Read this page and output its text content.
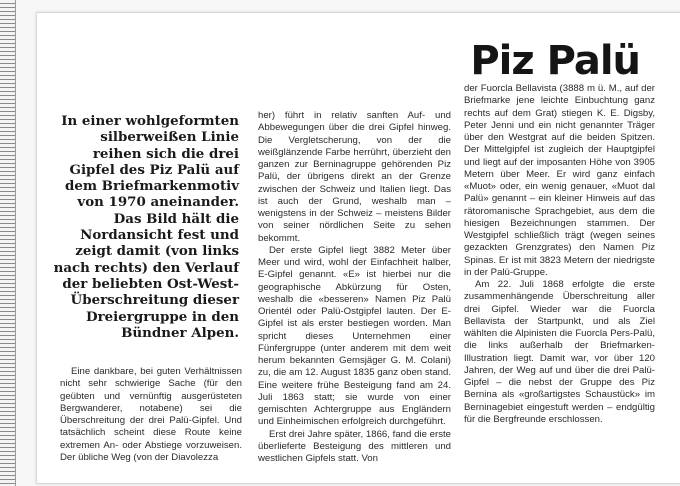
Piz Palü
In einer wohlgeformten silberweißen Linie reihen sich die drei Gipfel des Piz Palü auf dem Briefmarkenmotiv von 1970 aneinander. Das Bild hält die Nordansicht fest und zeigt damit (von links nach rechts) den Verlauf der beliebten Ost-West-Überschreitung dieser Dreiergruppe in den Bündner Alpen.

Eine dankbare, bei guten Verhältnissen nicht sehr schwierige Sache (für den geübten und vernünftig ausgerüsteten Bergwanderer, notabene) sei die Überschreitung der drei Palü-Gipfel. Und tatsächlich scheint diese Route keine extremen An- oder Abstiege vorzuweisen. Der übliche Weg (von der Diavolezza

her) führt in relativ sanften Auf- und Abbewegungen über die drei Gipfel hinweg. Die Vergletscherung, von der die weißglänzende Farbe herrührt, überzieht den ganzen zur Berninagruppe gehörenden Piz Palü, der übrigens direkt an der Grenze zwischen der Schweiz und Italien liegt. Das ist auch der Grund, weshalb man – wenigstens in der Schweiz – meistens Bilder von seiner nördlichen Seite zu sehen bekommt.

Der erste Gipfel liegt 3882 Meter über Meer und wird, wohl der Einfachheit halber, E-Gipfel genannt. «E» ist hierbei nur die geographische Abkürzung für Osten, weshalb die «besseren» Namen Piz Palü Orientél oder Palü-Ostgipfel lauten. Der E-Gipfel ist als erster bestiegen worden. Man spricht dieses Unternehmen einer Fünfergruppe (unter anderem mit dem weit herum bekannten Gemsjäger G. M. Colani) zu, die am 12. August 1835 ganz oben stand. Eine weitere frühe Besteigung fand am 24. Juli 1863 statt; sie wurde von einer gemischten Achtergruppe aus Engländern und Einheimischen erfolgreich durchgeführt.

Erst drei Jahre später, 1866, fand die erste überlieferte Besteigung des mittleren und westlichen Gipfels statt. Von

der Fuorcla Bellavista (3888 m ü. M., auf der Briefmarke jene leichte Einbuchtung ganz rechts auf dem Grat) stiegen K. E. Digsby, Peter Jenni und ein nicht genannter Träger über den Westgrat auf die beiden Spitzen. Der Mittelgipfel ist zugleich der Hauptgipfel und liegt auf der imposanten Höhe von 3905 Metern über Meer. Er wird ganz einfach «Muot» oder, ein wenig genauer, «Muot dal Palü» genannt – ein kleiner Hinweis auf das rätoromanische Sprachgebiet, aus dem die hiesigen Bezeichnungen stammen. Der Westgipfel schließlich trägt (wegen seines gezackten Grenzgrates) den Namen Piz Spinas. Er ist mit 3823 Metern der niedrigste in der Palü-Gruppe.

Am 22. Juli 1868 erfolgte die erste zusammenhängende Überschreitung aller drei Gipfel. Wieder war die Fuorcla Bellavista der Startpunkt, und als Ziel wählten die Alpinisten die Fuorcla Pers-Palü, die links außerhalb der Briefmarken-Illustration liegt. Damit war, vor über 120 Jahren, der Weg auf und über die drei Palü-Gipfel – die nebst der Gruppe des Piz Bernina als «großartigstes Schaustück» im Berninagebiet eingestuft werden – endgültig für die Bergfreunde erschlossen.
